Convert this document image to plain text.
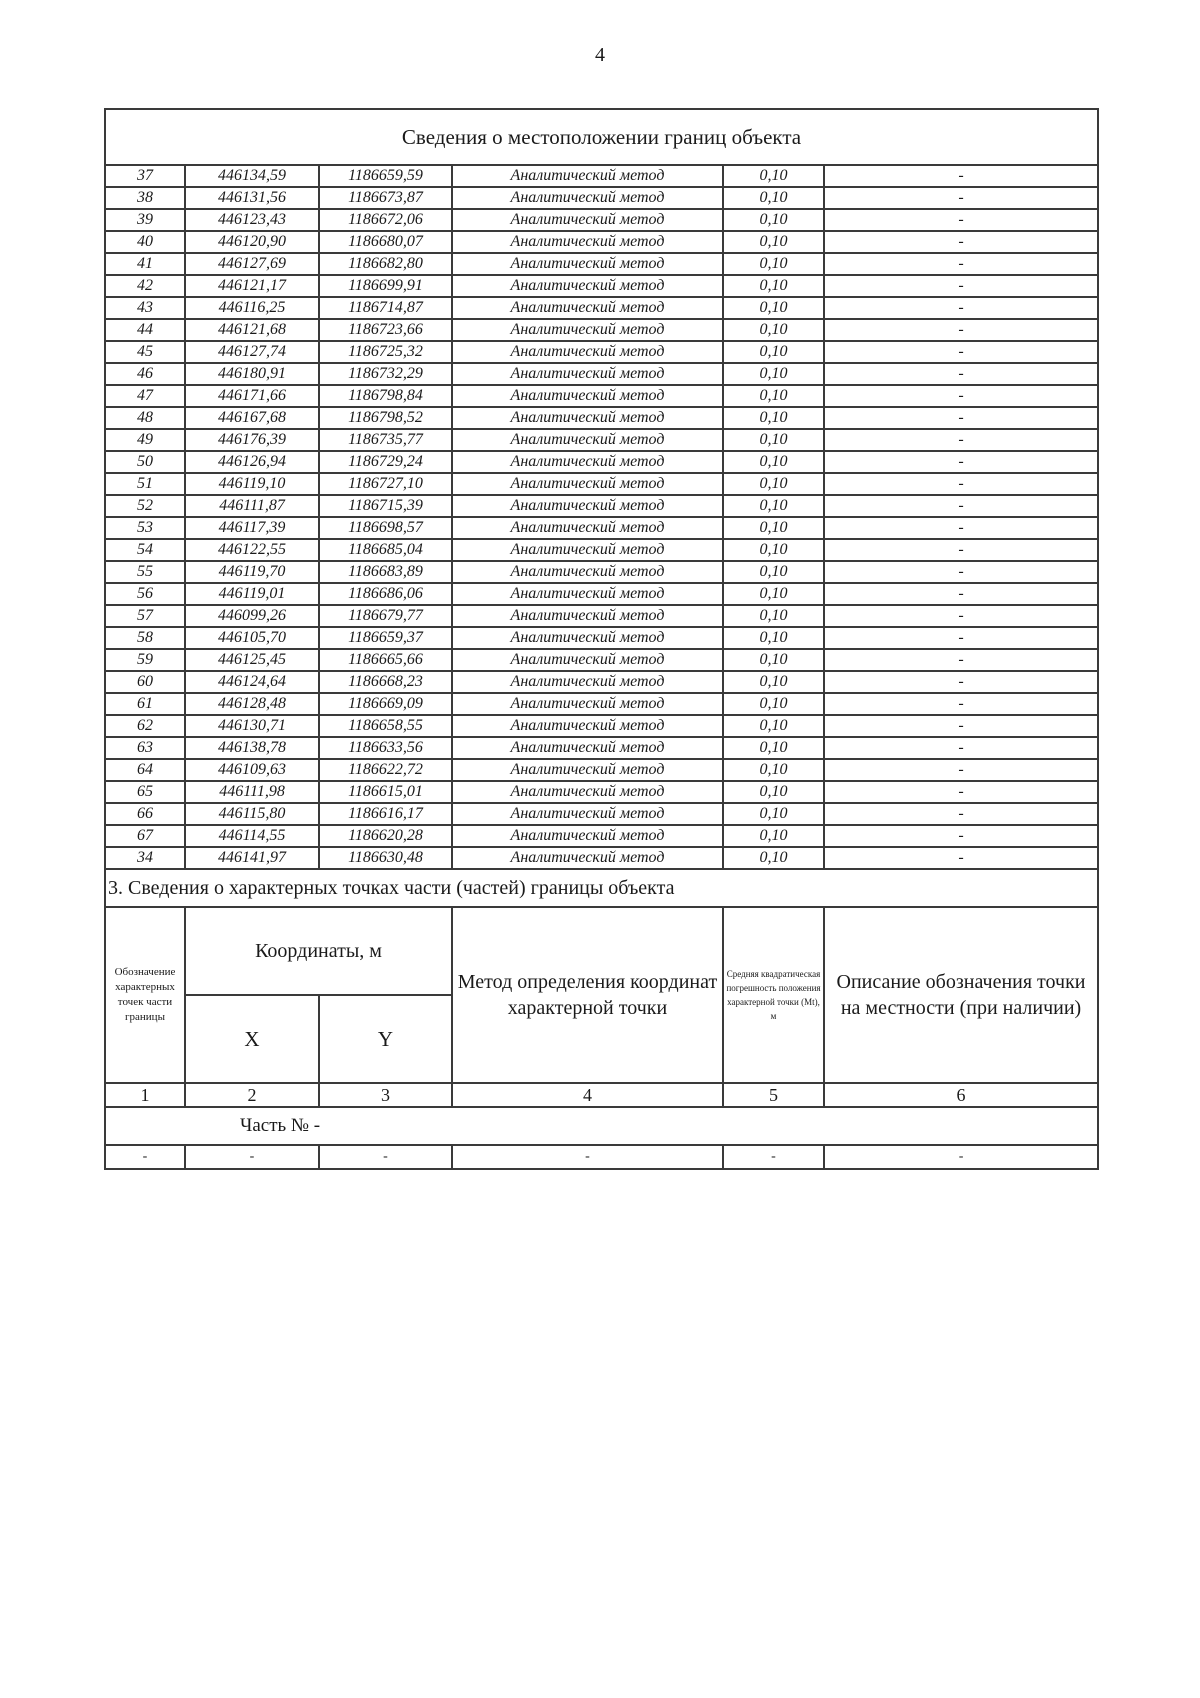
4
Сведения о местоположении границ объекта					
37	446134,59	1186659,59	Аналитический метод	0,10	-
38	446131,56	1186673,87	Аналитический метод	0,10	-
39	446123,43	1186672,06	Аналитический метод	0,10	-
40	446120,90	1186680,07	Аналитический метод	0,10	-
41	446127,69	1186682,80	Аналитический метод	0,10	-
42	446121,17	1186699,91	Аналитический метод	0,10	-
43	446116,25	1186714,87	Аналитический метод	0,10	-
44	446121,68	1186723,66	Аналитический метод	0,10	-
45	446127,74	1186725,32	Аналитический метод	0,10	-
46	446180,91	1186732,29	Аналитический метод	0,10	-
47	446171,66	1186798,84	Аналитический метод	0,10	-
48	446167,68	1186798,52	Аналитический метод	0,10	-
49	446176,39	1186735,77	Аналитический метод	0,10	-
50	446126,94	1186729,24	Аналитический метод	0,10	-
51	446119,10	1186727,10	Аналитический метод	0,10	-
52	446111,87	1186715,39	Аналитический метод	0,10	-
53	446117,39	1186698,57	Аналитический метод	0,10	-
54	446122,55	1186685,04	Аналитический метод	0,10	-
55	446119,70	1186683,89	Аналитический метод	0,10	-
56	446119,01	1186686,06	Аналитический метод	0,10	-
57	446099,26	1186679,77	Аналитический метод	0,10	-
58	446105,70	1186659,37	Аналитический метод	0,10	-
59	446125,45	1186665,66	Аналитический метод	0,10	-
60	446124,64	1186668,23	Аналитический метод	0,10	-
61	446128,48	1186669,09	Аналитический метод	0,10	-
62	446130,71	1186658,55	Аналитический метод	0,10	-
63	446138,78	1186633,56	Аналитический метод	0,10	-
64	446109,63	1186622,72	Аналитический метод	0,10	-
65	446111,98	1186615,01	Аналитический метод	0,10	-
66	446115,80	1186616,17	Аналитический метод	0,10	-
67	446114,55	1186620,28	Аналитический метод	0,10	-
34	446141,97	1186630,48	Аналитический метод	0,10	-
3. Сведения о характерных точках части (частей) границы объекта					
Обозначение характерных точек части границы	Координаты, м		Метод определения координат характерной точки	Средняя квадратическая погрешность положения характерной точки (Mt), м	Описание обозначения точки на местности (при наличии)
	X	Y			
1	2	3	4	5	6
Часть № -					
-	-	-	-	-	-
